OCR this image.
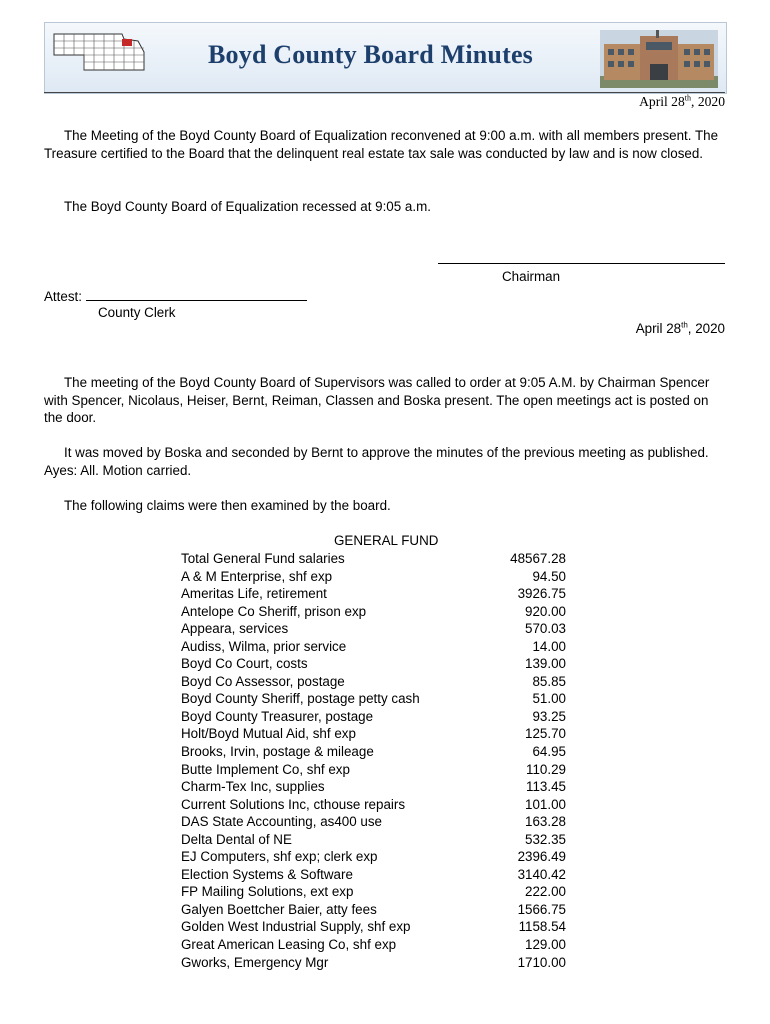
Boyd County Board Minutes
April 28th, 2020

The Meeting of the Boyd County Board of Equalization reconvened at 9:00 a.m. with all members present. The Treasure certified to the Board that the delinquent real estate tax sale was conducted by law and is now closed.

The Boyd County Board of Equalization recessed at 9:05 a.m.

Chairman
Attest:
County Clerk
April 28th, 2020

The meeting of the Boyd County Board of Supervisors was called to order at 9:05 A.M. by Chairman Spencer with Spencer, Nicolaus, Heiser, Bernt, Reiman, Classen and Boska present. The open meetings act is posted on the door.

It was moved by Boska and seconded by Bernt to approve the minutes of the previous meeting as published. Ayes: All. Motion carried.

The following claims were then examined by the board.

GENERAL FUND
Total General Fund salaries	48567.28
A & M Enterprise, shf exp	94.50
Ameritas Life, retirement	3926.75
Antelope Co Sheriff, prison exp	920.00
Appeara, services	570.03
Audiss, Wilma, prior service	14.00
Boyd Co Court, costs	139.00
Boyd Co Assessor, postage	85.85
Boyd County Sheriff, postage petty cash	51.00
Boyd County Treasurer, postage	93.25
Holt/Boyd Mutual Aid, shf exp	125.70
Brooks, Irvin, postage & mileage	64.95
Butte Implement Co, shf exp	110.29
Charm-Tex Inc, supplies	113.45
Current Solutions Inc, cthouse repairs	101.00
DAS State Accounting, as400 use	163.28
Delta Dental of NE	532.35
EJ Computers, shf exp; clerk exp	2396.49
Election Systems & Software	3140.42
FP Mailing Solutions, ext exp	222.00
Galyen Boettcher Baier, atty fees	1566.75
Golden West Industrial Supply, shf exp	1158.54
Great American Leasing Co, shf exp	129.00
Gworks, Emergency Mgr	1710.00
